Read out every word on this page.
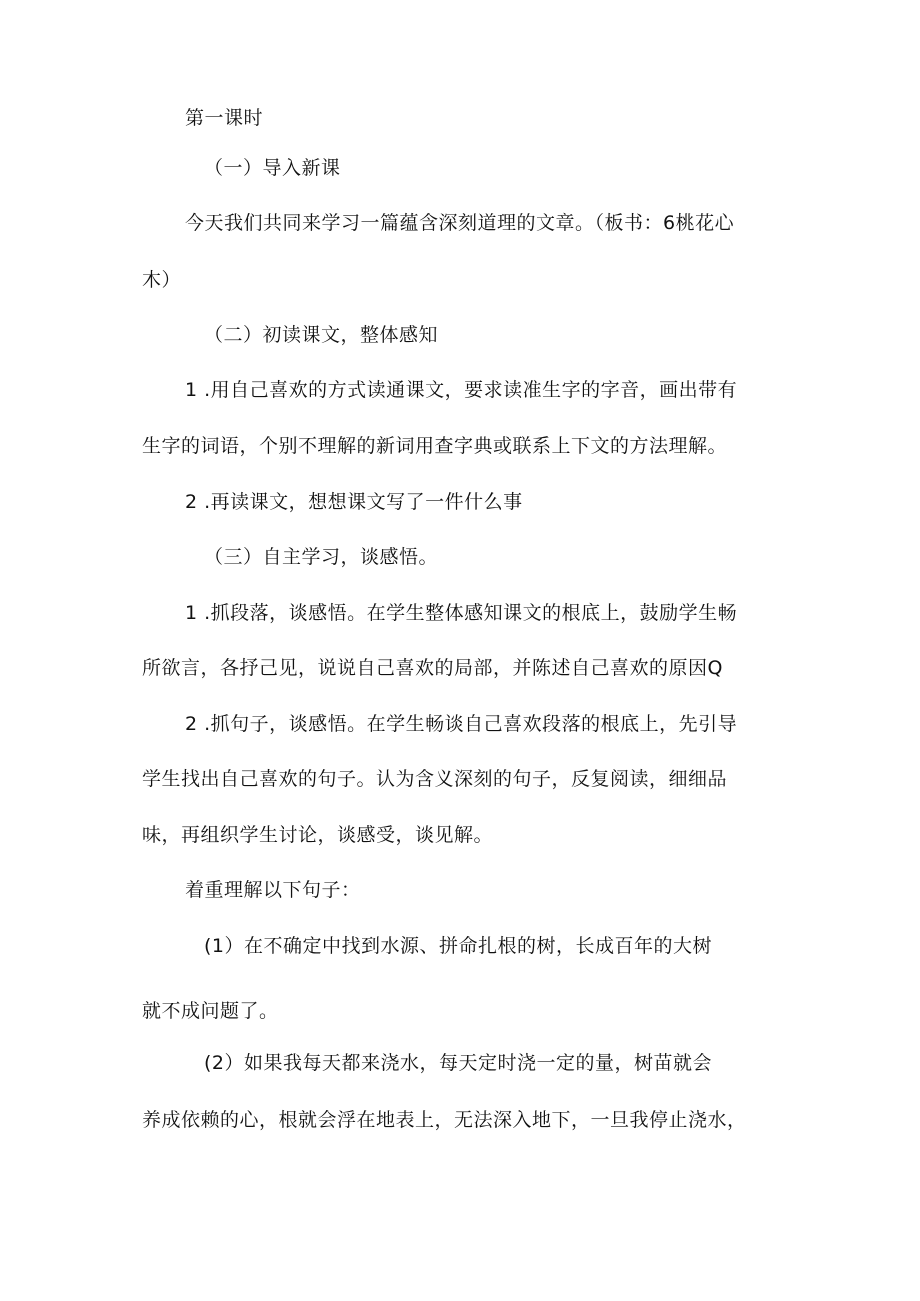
第一课时
（一）导入新课
今天我们共同来学习一篇蕴含深刻道理的文章。（板书：6桃花心
木）
（二）初读课文，整体感知
1 .用自己喜欢的方式读通课文，要求读准生字的字音，画出带有
生字的词语，个别不理解的新词用查字典或联系上下文的方法理解。
2 .再读课文，想想课文写了一件什么事
（三）自主学习，谈感悟。
1 .抓段落，谈感悟。在学生整体感知课文的根底上，鼓励学生畅
所欲言，各抒己见，说说自己喜欢的局部，并陈述自己喜欢的原因Q
2 .抓句子，谈感悟。在学生畅谈自己喜欢段落的根底上，先引导
学生找出自己喜欢的句子。认为含义深刻的句子，反复阅读，细细品
味，再组织学生讨论，谈感受，谈见解。
着重理解以下句子：
(1）在不确定中找到水源、拼命扎根的树，长成百年的大树
就不成问题了。
(2）如果我每天都来浇水，每天定时浇一定的量，树苗就会
养成依赖的心，根就会浮在地表上，无法深入地下，一旦我停止浇水，
